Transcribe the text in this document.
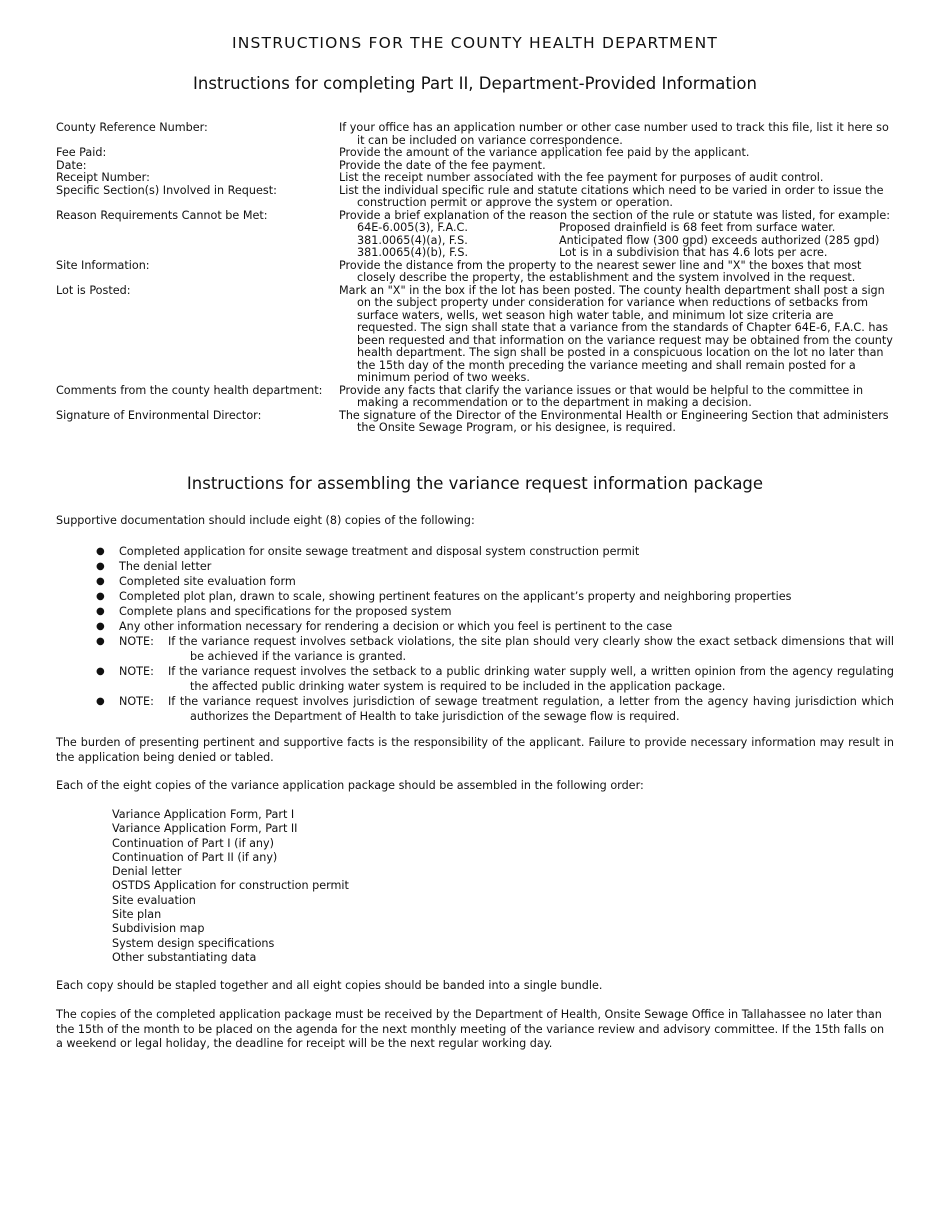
INSTRUCTIONS FOR THE COUNTY HEALTH DEPARTMENT
Instructions for completing Part II, Department-Provided Information
County Reference Number:	If your office has an application number or other case number used to track this file, list it here so it can be included on variance correspondence.
Fee Paid:	Provide the amount of the variance application fee paid by the applicant.
Date:	Provide the date of the fee payment.
Receipt Number:	List the receipt number associated with the fee payment for purposes of audit control.
Specific Section(s) Involved in Request:	List the individual specific rule and statute citations which need to be varied in order to issue the construction permit or approve the system or operation.
Reason Requirements Cannot be Met:	Provide a brief explanation of the reason the section of the rule or statute was listed, for example:
64E-6.005(3), F.A.C.	Proposed drainfield is 68 feet from surface water.
381.0065(4)(a), F.S.	Anticipated flow (300 gpd) exceeds authorized (285 gpd)
381.0065(4)(b), F.S.	Lot is in a subdivision that has 4.6 lots per acre.
Site Information:	Provide the distance from the property to the nearest sewer line and "X" the boxes that most closely describe the property, the establishment and the system involved in the request.
Lot is Posted:	Mark an "X" in the box if the lot has been posted. The county health department shall post a sign on the subject property under consideration for variance when reductions of setbacks from surface waters, wells, wet season high water table, and minimum lot size criteria are requested. The sign shall state that a variance from the standards of Chapter 64E-6, F.A.C. has been requested and that information on the variance request may be obtained from the county health department. The sign shall be posted in a conspicuous location on the lot no later than the 15th day of the month preceding the variance meeting and shall remain posted for a minimum period of two weeks.
Comments from the county health department:	Provide any facts that clarify the variance issues or that would be helpful to the committee in making a recommendation or to the department in making a decision.
Signature of Environmental Director:	The signature of the Director of the Environmental Health or Engineering Section that administers the Onsite Sewage Program, or his designee, is required.
Instructions for assembling the variance request information package

Supportive documentation should include eight (8) copies of the following:

●	Completed application for onsite sewage treatment and disposal system construction permit
●	The denial letter
●	Completed site evaluation form
●	Completed plot plan, drawn to scale, showing pertinent features on the applicant’s property and neighboring properties
●	Complete plans and specifications for the proposed system
●	Any other information necessary for rendering a decision or which you feel is pertinent to the case
●	NOTE:	If the variance request involves setback violations, the site plan should very clearly show the exact setback dimensions that will be achieved if the variance is granted.
●	NOTE:	If the variance request involves the setback to a public drinking water supply well, a written opinion from the agency regulating the affected public drinking water system is required to be included in the application package.
●	NOTE:	If the variance request involves jurisdiction of sewage treatment regulation, a letter from the agency having jurisdiction which authorizes the Department of Health to take jurisdiction of the sewage flow is required.

The burden of presenting pertinent and supportive facts is the responsibility of the applicant. Failure to provide necessary information may result in the application being denied or tabled.

Each of the eight copies of the variance application package should be assembled in the following order:

Variance Application Form, Part I
Variance Application Form, Part II
Continuation of Part I (if any)
Continuation of Part II (if any)
Denial letter
OSTDS Application for construction permit
Site evaluation
Site plan
Subdivision map
System design specifications
Other substantiating data

Each copy should be stapled together and all eight copies should be banded into a single bundle.

The copies of the completed application package must be received by the Department of Health, Onsite Sewage Office in Tallahassee no later than the 15th of the month to be placed on the agenda for the next monthly meeting of the variance review and advisory committee. If the 15th falls on a weekend or legal holiday, the deadline for receipt will be the next regular working day.
